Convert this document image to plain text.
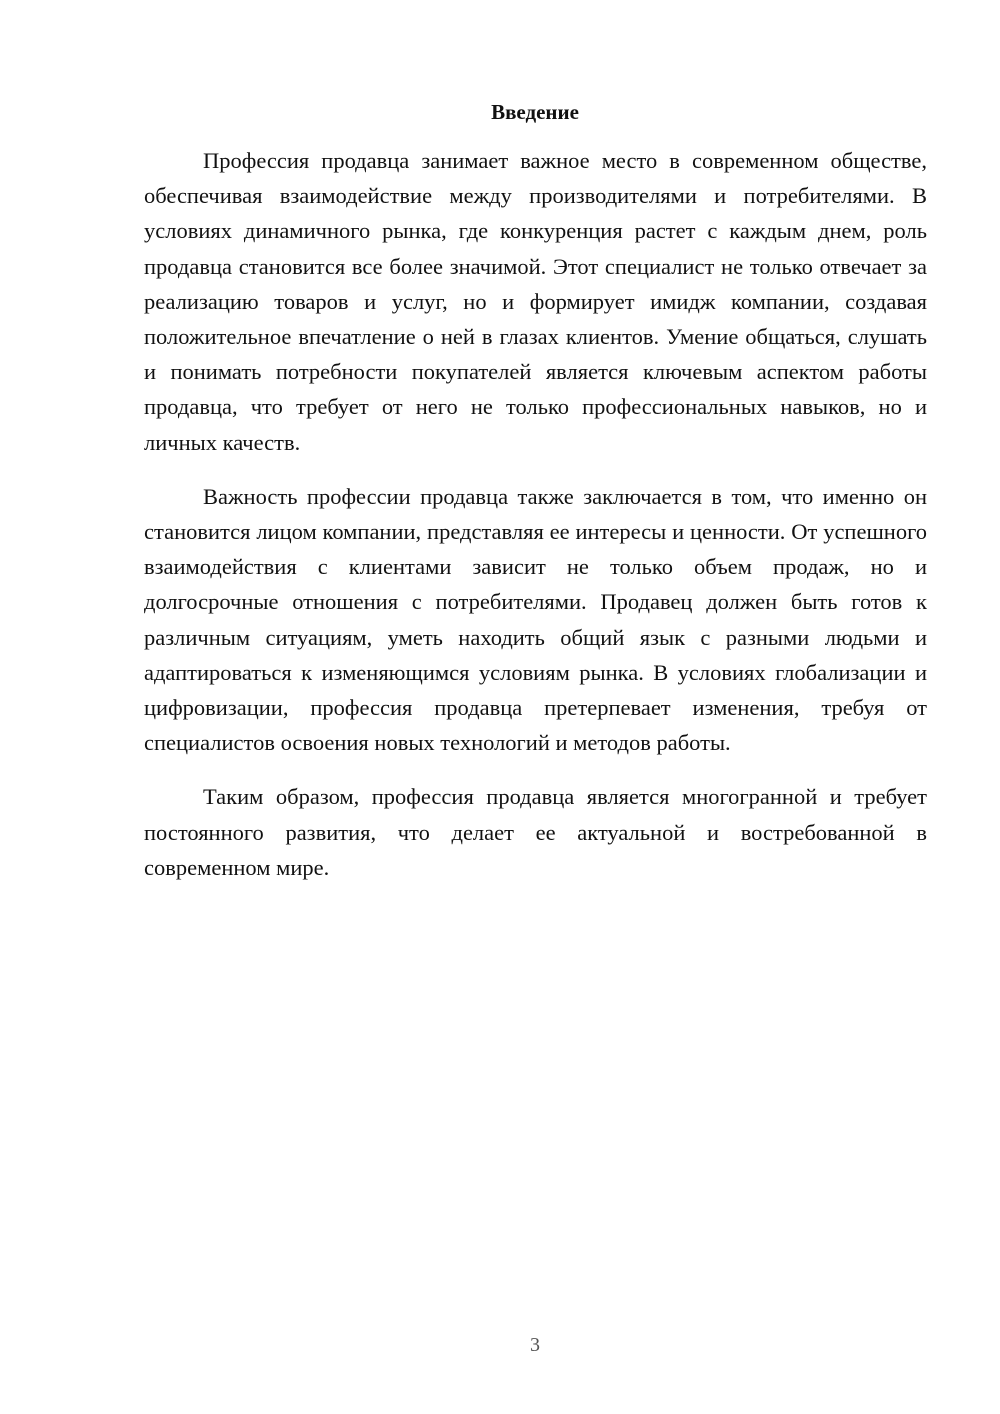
Введение

Профессия продавца занимает важное место в современном обществе, обеспечивая взаимодействие между производителями и потребителями. В условиях динамичного рынка, где конкуренция растет с каждым днем, роль продавца становится все более значимой. Этот специалист не только отвечает за реализацию товаров и услуг, но и формирует имидж компании, создавая положительное впечатление о ней в глазах клиентов. Умение общаться, слушать и понимать потребности покупателей является ключевым аспектом работы продавца, что требует от него не только профессиональных навыков, но и личных качеств.

Важность профессии продавца также заключается в том, что именно он становится лицом компании, представляя ее интересы и ценности. От успешного взаимодействия с клиентами зависит не только объем продаж, но и долгосрочные отношения с потребителями. Продавец должен быть готов к различным ситуациям, уметь находить общий язык с разными людьми и адаптироваться к изменяющимся условиям рынка. В условиях глобализации и цифровизации, профессия продавца претерпевает изменения, требуя от специалистов освоения новых технологий и методов работы.

Таким образом, профессия продавца является многогранной и требует постоянного развития, что делает ее актуальной и востребованной в современном мире.

3
